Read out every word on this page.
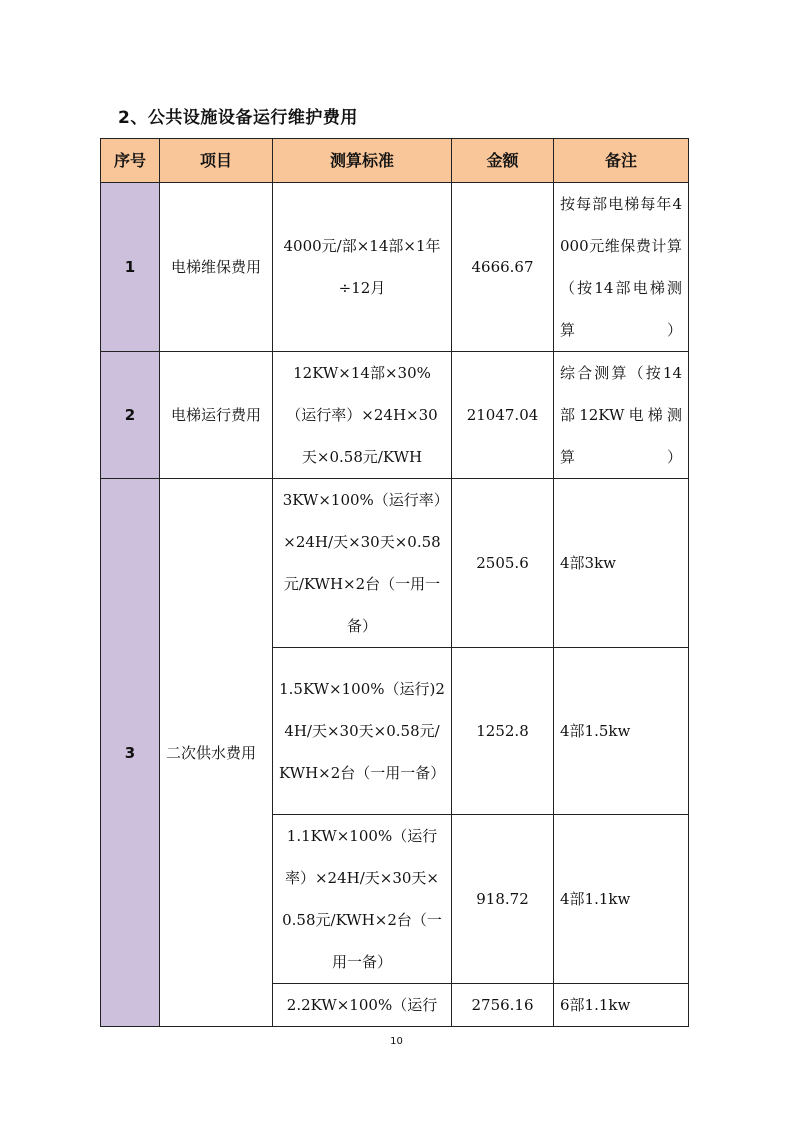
2、公共设施设备运行维护费用
序号	项目	测算标准	金额	备注
1	电梯维保费用	4000元/部×14部×1年÷12月	4666.67	按每部电梯每年4000元维保费计算（按14部电梯测算）
2	电梯运行费用	12KW×14部×30%（运行率）×24H×30天×0.58元/KWH	21047.04	综合测算（按14部12KW电梯测算）
3	二次供水费用	3KW×100%（运行率）×24H/天×30天×0.58元/KWH×2台（一用一备）	2505.6	4部3kw
		1.5KW×100%（运行)24H/天×30天×0.58元/KWH×2台（一用一备）	1252.8	4部1.5kw
		1.1KW×100%（运行率）×24H/天×30天×0.58元/KWH×2台（一用一备）	918.72	4部1.1kw
		2.2KW×100%（运行	2756.16	6部1.1kw
10
